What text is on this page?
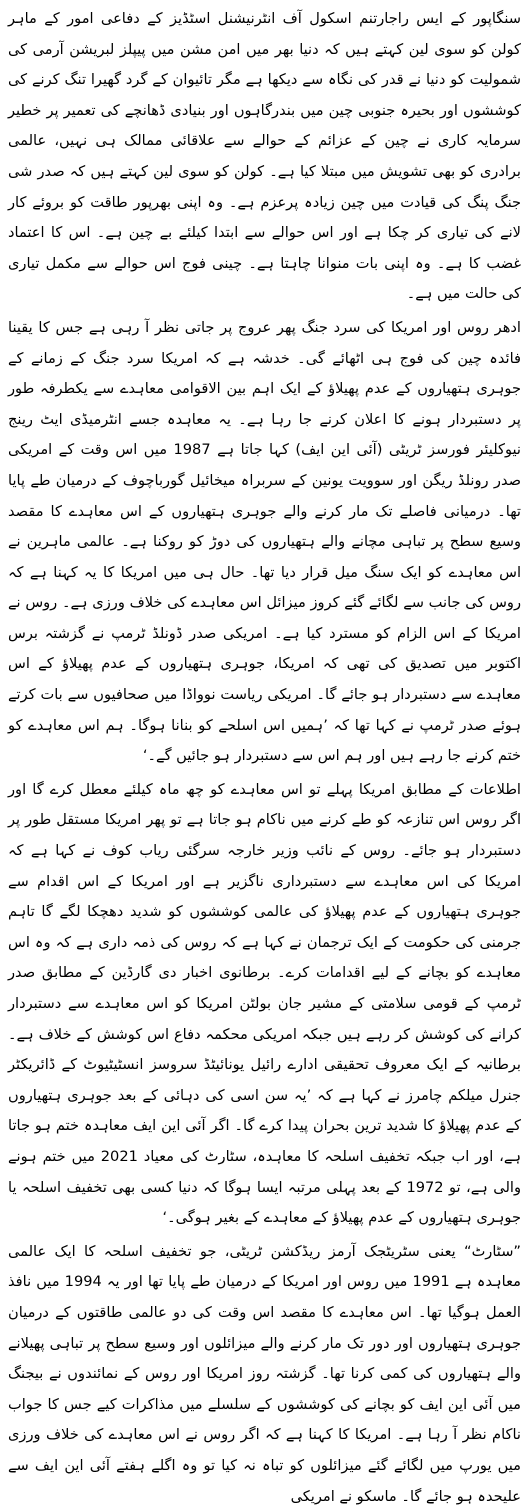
سنگاپور کے ایس راجارتنم اسکول آف انٹرنیشنل اسٹڈیز کے دفاعی امور کے ماہر کولن کو سوی لین کہتے ہیں کہ دنیا بھر میں امن مشن میں پیپلز لبریشن آرمی کی شمولیت کو دنیا نے قدر کی نگاہ سے دیکھا ہے مگر تائیوان کے گرد گھیرا تنگ کرنے کی کوششوں اور بحیرہ جنوبی چین میں بندرگاہوں اور بنیادی ڈھانچے کی تعمیر پر خطیر سرمایہ کاری نے چین کے عزائم کے حوالے سے علاقائی ممالک ہی نہیں، عالمی برادری کو بھی تشویش میں مبتلا کیا ہے۔ کولن کو سوی لین کہتے ہیں کہ صدر شی جنگ پنگ کی قیادت میں چین زیادہ پرعزم ہے۔ وہ اپنی بھرپور طاقت کو بروئے کار لانے کی تیاری کر چکا ہے اور اس حوالے سے ابتدا کیلئے بے چین ہے۔ اس کا اعتماد غضب کا ہے۔ وہ اپنی بات منوانا چاہتا ہے۔ چینی فوج اس حوالے سے مکمل تیاری کی حالت میں ہے۔

ادھر روس اور امریکا کی سرد جنگ پھر عروج پر جاتی نظر آ رہی ہے جس کا یقینا فائدہ چین کی فوج ہی اٹھائے گی۔ خدشہ ہے کہ امریکا سرد جنگ کے زمانے کے جوہری ہتھیاروں کے عدم پھیلاؤ کے ایک اہم بین الاقوامی معاہدے سے یکطرفہ طور پر دستبردار ہونے کا اعلان کرنے جا رہا ہے۔ یہ معاہدہ جسے انٹرمیڈی ایٹ رینج نیوکلیئر فورسز ٹریٹی (آئی این ایف) کہا جاتا ہے 1987 میں اس وقت کے امریکی صدر رونلڈ ریگن اور سوویت یونین کے سربراہ میخائیل گورباچوف کے درمیان طے پایا تھا۔ درمیانی فاصلے تک مار کرنے والے جوہری ہتھیاروں کے اس معاہدے کا مقصد وسیع سطح پر تباہی مچانے والے ہتھیاروں کی دوڑ کو روکنا ہے۔ عالمی ماہرین نے اس معاہدے کو ایک سنگ میل قرار دیا تھا۔ حال ہی میں امریکا کا یہ کہنا ہے کہ روس کی جانب سے لگائے گئے کروز میزائل اس معاہدے کی خلاف ورزی ہے۔ روس نے امریکا کے اس الزام کو مسترد کیا ہے۔ امریکی صدر ڈونلڈ ٹرمپ نے گزشتہ برس اکتوبر میں تصدیق کی تھی کہ امریکا، جوہری ہتھیاروں کے عدم پھیلاؤ کے اس معاہدے سے دستبردار ہو جائے گا۔ امریکی ریاست نوواڈا میں صحافیوں سے بات کرتے ہوئے صدر ٹرمپ نے کہا تھا کہ ’ہمیں اس اسلحے کو بنانا ہوگا۔ ہم اس معاہدے کو ختم کرنے جا رہے ہیں اور ہم اس سے دستبردار ہو جائیں گے۔‘

اطلاعات کے مطابق امریکا پہلے تو اس معاہدے کو چھ ماہ کیلئے معطل کرے گا اور اگر روس اس تنازعہ کو طے کرنے میں ناکام ہو جاتا ہے تو پھر امریکا مستقل طور پر دستبردار ہو جائے۔ روس کے نائب وزیر خارجہ سرگئی ریاب کوف نے کہا ہے کہ امریکا کی اس معاہدے سے دستبرداری ناگزیر ہے اور امریکا کے اس اقدام سے جوہری ہتھیاروں کے عدم پھیلاؤ کی عالمی کوششوں کو شدید دھچکا لگے گا تاہم جرمنی کی حکومت کے ایک ترجمان نے کہا ہے کہ روس کی ذمہ داری ہے کہ وہ اس معاہدے کو بچانے کے لیے اقدامات کرے۔ برطانوی اخبار دی گارڈین کے مطابق صدر ٹرمپ کے قومی سلامتی کے مشیر جان بولٹن امریکا کو اس معاہدے سے دستبردار کرانے کی کوشش کر رہے ہیں جبکہ امریکی محکمہ دفاع اس کوشش کے خلاف ہے۔ برطانیہ کے ایک معروف تحقیقی ادارے رائیل یونائیٹڈ سروسز انسٹیٹیوٹ کے ڈائریکٹر جنرل میلکم چامرز نے کہا ہے کہ ’یہ سن اسی کی دہائی کے بعد جوہری ہتھیاروں کے عدم پھیلاؤ کا شدید ترین بحران پیدا کرے گا۔ اگر آئی این ایف معاہدہ ختم ہو جاتا ہے، اور اب جبکہ تخفیف اسلحہ کا معاہدہ، سٹارٹ کی معیاد 2021 میں ختم ہونے والی ہے، تو 1972 کے بعد پہلی مرتبہ ایسا ہوگا کہ دنیا کسی بھی تخفیف اسلحہ یا جوہری ہتھیاروں کے عدم پھیلاؤ کے معاہدے کے بغیر ہوگی۔‘

”سٹارٹ“ یعنی سٹریٹجک آرمز ریڈکشن ٹریٹی، جو تخفیف اسلحہ کا ایک عالمی معاہدہ ہے 1991 میں روس اور امریکا کے درمیان طے پایا تھا اور یہ 1994 میں نافذ العمل ہوگیا تھا۔ اس معاہدے کا مقصد اس وقت کی دو عالمی طاقتوں کے درمیان جوہری ہتھیاروں اور دور تک مار کرنے والے میزائلوں اور وسیع سطح پر تباہی پھیلانے والے ہتھیاروں کی کمی کرنا تھا۔ گزشتہ روز امریکا اور روس کے نمائندوں نے بیجنگ میں آئی این ایف کو بچانے کی کوششوں کے سلسلے میں مذاکرات کیے جس کا جواب ناکام نظر آ رہا ہے۔ امریکا کا کہنا ہے کہ اگر روس نے اس معاہدے کی خلاف ورزی میں یورپ میں لگائے گئے میزائلوں کو تباہ نہ کیا تو وہ اگلے ہفتے آئی این ایف سے علیحدہ ہو جائے گا۔ ماسکو نے امریکی
